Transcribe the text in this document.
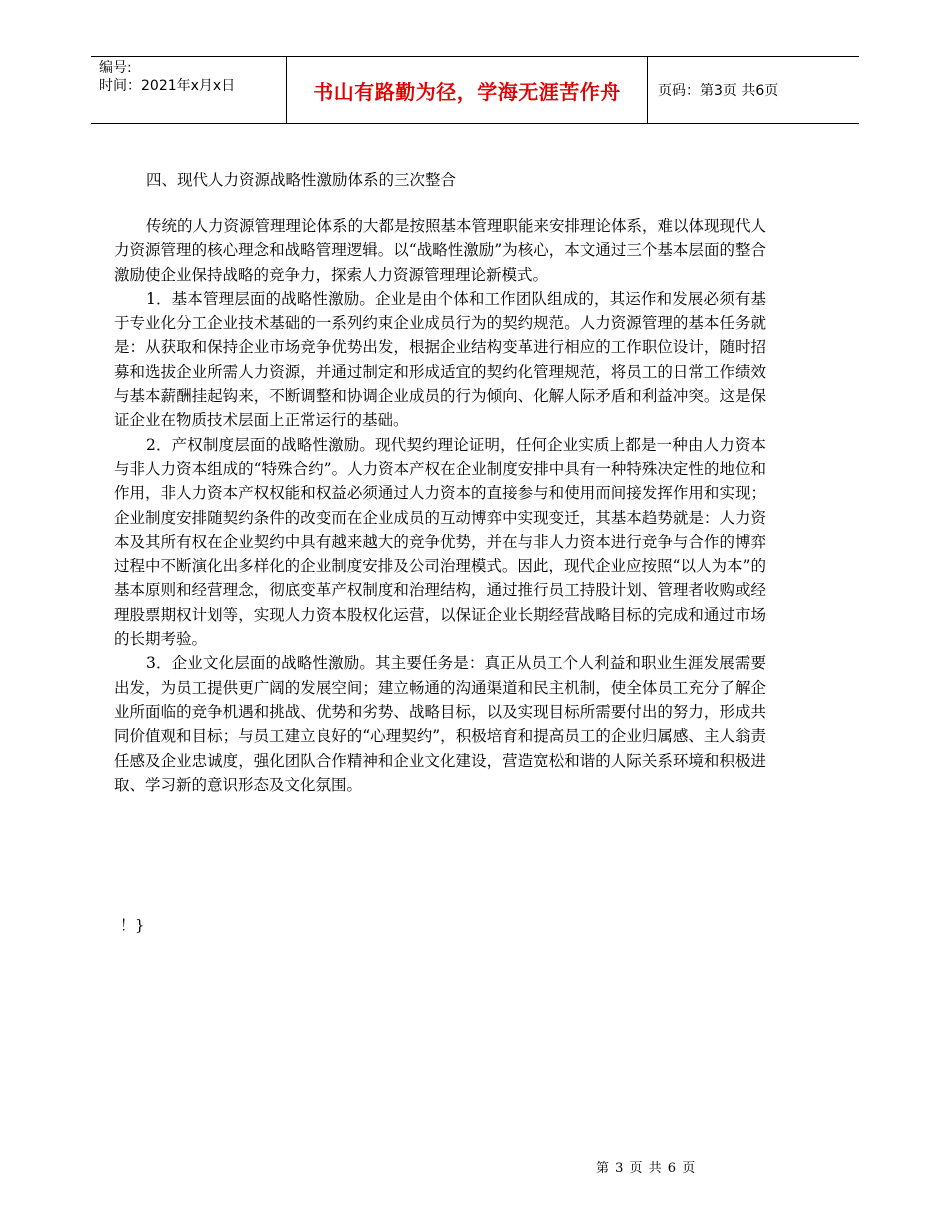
编号:
时间：2021年x月x日	书山有路勤为径，学海无涯苦作舟	页码：第3页 共6页
四、现代人力资源战略性激励体系的三次整合

传统的人力资源管理理论体系的大都是按照基本管理职能来安排理论体系，难以体现现代人力资源管理的核心理念和战略管理逻辑。以“战略性激励”为核心，本文通过三个基本层面的整合激励使企业保持战略的竞争力，探索人力资源管理理论新模式。

1．基本管理层面的战略性激励。企业是由个体和工作团队组成的，其运作和发展必须有基于专业化分工企业技术基础的一系列约束企业成员行为的契约规范。人力资源管理的基本任务就是：从获取和保持企业市场竞争优势出发，根据企业结构变革进行相应的工作职位设计，随时招募和选拔企业所需人力资源，并通过制定和形成适宜的契约化管理规范，将员工的日常工作绩效与基本薪酬挂起钩来，不断调整和协调企业成员的行为倾向、化解人际矛盾和利益冲突。这是保证企业在物质技术层面上正常运行的基础。

2．产权制度层面的战略性激励。现代契约理论证明，任何企业实质上都是一种由人力资本与非人力资本组成的“特殊合约”。人力资本产权在企业制度安排中具有一种特殊决定性的地位和作用，非人力资本产权权能和权益必须通过人力资本的直接参与和使用而间接发挥作用和实现；企业制度安排随契约条件的改变而在企业成员的互动博弈中实现变迁，其基本趋势就是：人力资本及其所有权在企业契约中具有越来越大的竞争优势，并在与非人力资本进行竞争与合作的博弈过程中不断演化出多样化的企业制度安排及公司治理模式。因此，现代企业应按照“以人为本”的基本原则和经营理念，彻底变革产权制度和治理结构，通过推行员工持股计划、管理者收购或经理股票期权计划等，实现人力资本股权化运营，以保证企业长期经营战略目标的完成和通过市场的长期考验。

3．企业文化层面的战略性激励。其主要任务是：真正从员工个人利益和职业生涯发展需要出发，为员工提供更广阔的发展空间；建立畅通的沟通渠道和民主机制，使全体员工充分了解企业所面临的竞争机遇和挑战、优势和劣势、战略目标，以及实现目标所需要付出的努力，形成共同价值观和目标；与员工建立良好的“心理契约”，积极培育和提高员工的企业归属感、主人翁责任感及企业忠诚度，强化团队合作精神和企业文化建设，营造宽松和谐的人际关系环境和积极进取、学习新的意识形态及文化氛围。

！}
第 3 页 共 6 页
